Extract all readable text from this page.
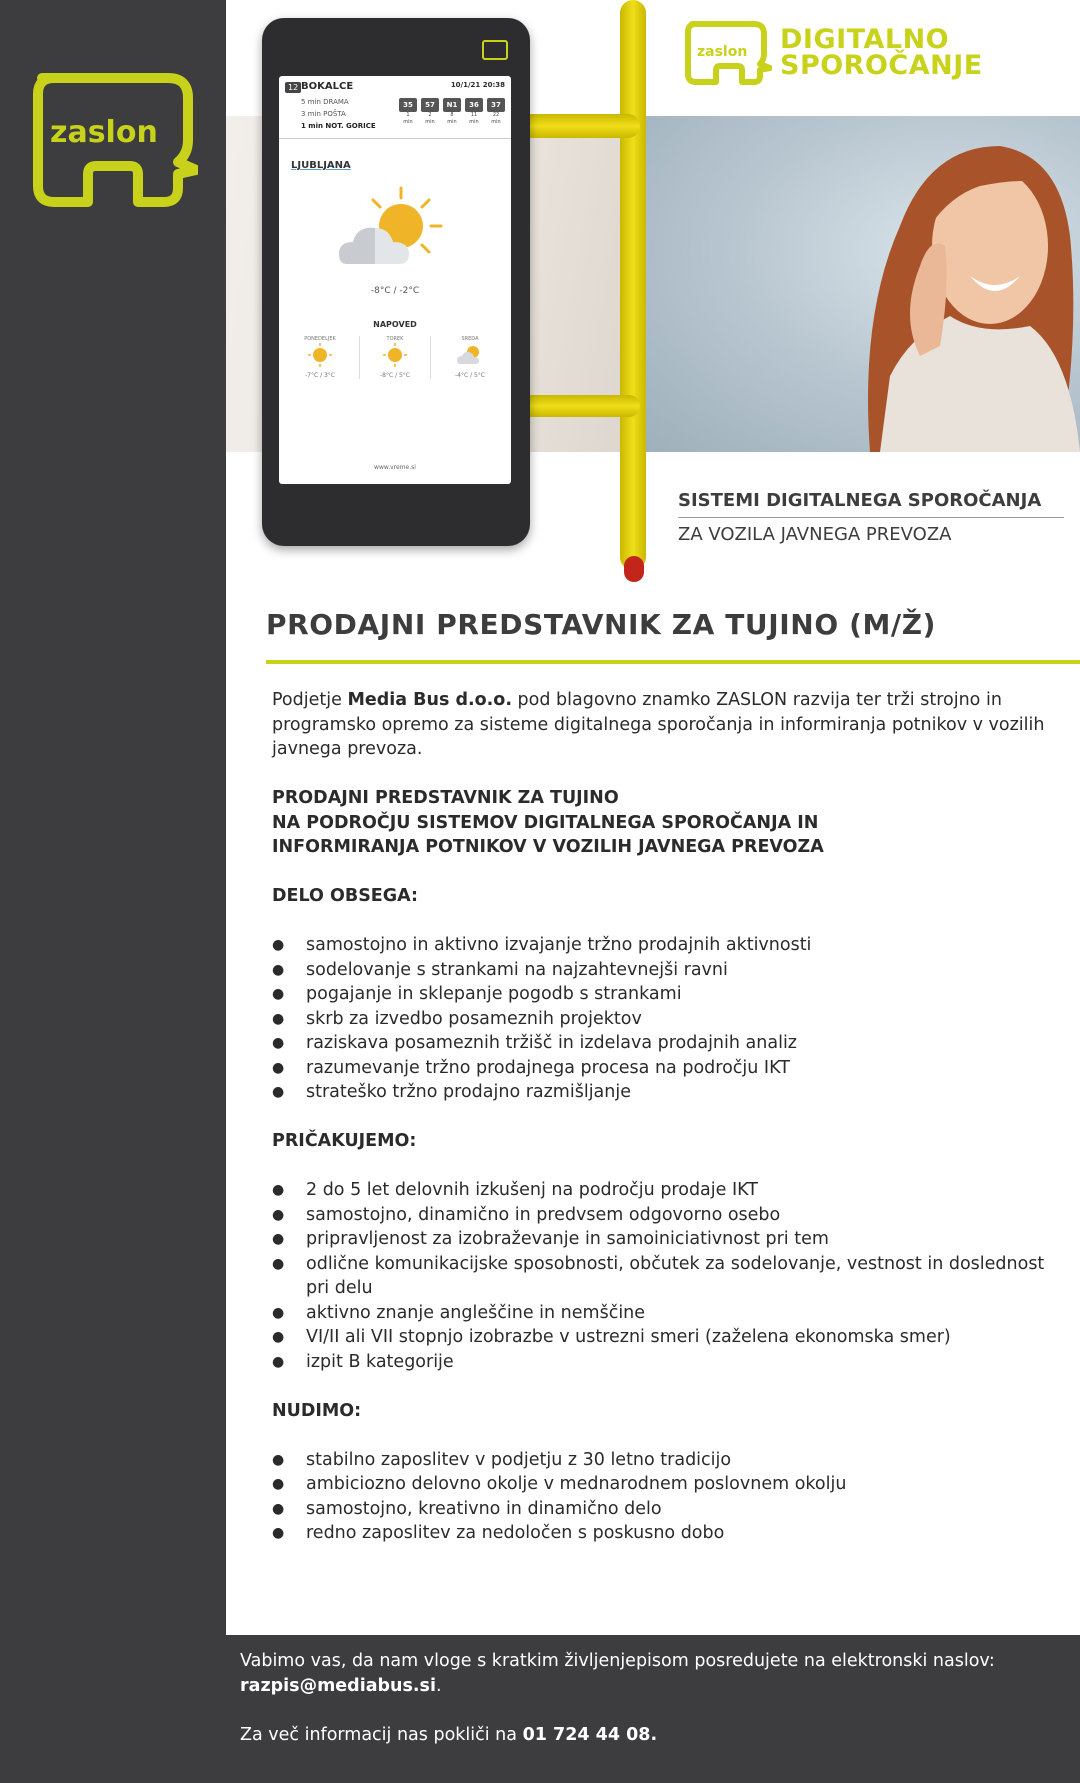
zaslon
12 BOKALCE	10/1/21 20:38
5 min DRAMA
3 min POŠTA
1 min NOT. GORICE
35
1
min
57
2
min
N1
8
min
36
11
min
37
22
min
LJUBLJANA
-8°C / -2°C
NAPOVED
PONEDELJEK
-7°C / 3°C
TOREK
-8°C / 5°C
SREDA
-4°C / 5°C
www.vreme.si
zaslon DIGITALNO
SPOROČANJE
SISTEMI DIGITALNEGA SPOROČANJA
ZA VOZILA JAVNEGA PREVOZA
PRODAJNI PREDSTAVNIK ZA TUJINO (M/Ž)

Podjetje Media Bus d.o.o. pod blagovno znamko ZASLON razvija ter trži strojno in programsko opremo za sisteme digitalnega sporočanja in informiranja potnikov v vozilih javnega prevoza.

PRODAJNI PREDSTAVNIK ZA TUJINO
NA PODROČJU SISTEMOV DIGITALNEGA SPOROČANJA IN
INFORMIRANJA POTNIKOV V VOZILIH JAVNEGA PREVOZA

DELO OBSEGA:

● samostojno in aktivno izvajanje tržno prodajnih aktivnosti
● sodelovanje s strankami na najzahtevnejši ravni
● pogajanje in sklepanje pogodb s strankami
● skrb za izvedbo posameznih projektov
● raziskava posameznih tržišč in izdelava prodajnih analiz
● razumevanje tržno prodajnega procesa na področju IKT
● strateško tržno prodajno razmišljanje

PRIČAKUJEMO:

● 2 do 5 let delovnih izkušenj na področju prodaje IKT
● samostojno, dinamično in predvsem odgovorno osebo
● pripravljenost za izobraževanje in samoiniciativnost pri tem
● odlične komunikacijske sposobnosti, občutek za sodelovanje, vestnost in doslednost pri delu
● aktivno znanje angleščine in nemščine
● VI/II ali VII stopnjo izobrazbe v ustrezni smeri (zaželena ekonomska smer)
● izpit B kategorije

NUDIMO:

● stabilno zaposlitev v podjetju z 30 letno tradicijo
● ambiciozno delovno okolje v mednarodnem poslovnem okolju
● samostojno, kreativno in dinamično delo
● redno zaposlitev za nedoločen s poskusno dobo

Vabimo vas, da nam vloge s kratkim življenjepisom posredujete na elektronski naslov:
razpis@mediabus.si.

Za več informacij nas pokliči na 01 724 44 08.
